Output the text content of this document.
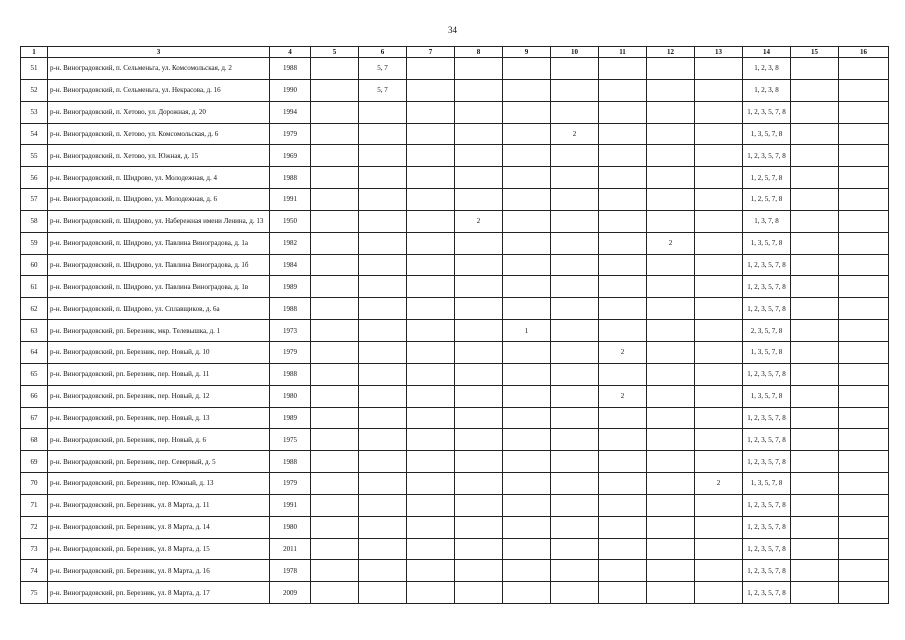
34
1	3	4	5	6	7	8	9	10	11	12	13	14	15	16
51	р-н. Виноградовский, п. Сельменьга, ул. Комсомольская, д. 2	1988		5, 7								1, 2, 3, 8		
52	р-н. Виноградовский, п. Сельменьга, ул. Некрасова, д. 16	1990		5, 7								1, 2, 3, 8		
53	р-н. Виноградовский, п. Хетово, ул. Дорожная, д. 20	1994										1, 2, 3, 5, 7, 8		
54	р-н. Виноградовский, п. Хетово, ул. Комсомольская, д. 6	1979						2				1, 3, 5, 7, 8		
55	р-н. Виноградовский, п. Хетово, ул. Южная, д. 15	1969										1, 2, 3, 5, 7, 8		
56	р-н. Виноградовский, п. Шидрово, ул. Молодежная, д. 4	1988										1, 2, 5, 7, 8		
57	р-н. Виноградовский, п. Шидрово, ул. Молодежная, д. 6	1991										1, 2, 5, 7, 8		
58	р-н. Виноградовский, п. Шидрово, ул. Набережная имени Ленина, д. 13	1950				2						1, 3, 7, 8		
59	р-н. Виноградовский, п. Шидрово, ул. Павлина Виноградова, д. 1а	1982								2		1, 3, 5, 7, 8		
60	р-н. Виноградовский, п. Шидрово, ул. Павлина Виноградова, д. 1б	1984										1, 2, 3, 5, 7, 8		
61	р-н. Виноградовский, п. Шидрово, ул. Павлина Виноградова, д. 1в	1989										1, 2, 3, 5, 7, 8		
62	р-н. Виноградовский, п. Шидрово, ул. Сплавщиков, д. 6а	1988										1, 2, 3, 5, 7, 8		
63	р-н. Виноградовский, рп. Березник, мкр. Телевышка, д. 1	1973					1					2, 3, 5, 7, 8		
64	р-н. Виноградовский, рп. Березник, пер. Новый, д. 10	1979							2			1, 3, 5, 7, 8		
65	р-н. Виноградовский, рп. Березник, пер. Новый, д. 11	1988										1, 2, 3, 5, 7, 8		
66	р-н. Виноградовский, рп. Березник, пер. Новый, д. 12	1980							2			1, 3, 5, 7, 8		
67	р-н. Виноградовский, рп. Березник, пер. Новый, д. 13	1989										1, 2, 3, 5, 7, 8		
68	р-н. Виноградовский, рп. Березник, пер. Новый, д. 6	1975										1, 2, 3, 5, 7, 8		
69	р-н. Виноградовский, рп. Березник, пер. Северный, д. 5	1988										1, 2, 3, 5, 7, 8		
70	р-н. Виноградовский, рп. Березник, пер. Южный, д. 13	1979									2	1, 3, 5, 7, 8		
71	р-н. Виноградовский, рп. Березник, ул. 8 Марта, д. 11	1991										1, 2, 3, 5, 7, 8		
72	р-н. Виноградовский, рп. Березник, ул. 8 Марта, д. 14	1980										1, 2, 3, 5, 7, 8		
73	р-н. Виноградовский, рп. Березник, ул. 8 Марта, д. 15	2011										1, 2, 3, 5, 7, 8		
74	р-н. Виноградовский, рп. Березник, ул. 8 Марта, д. 16	1978										1, 2, 3, 5, 7, 8		
75	р-н. Виноградовский, рп. Березник, ул. 8 Марта, д. 17	2009										1, 2, 3, 5, 7, 8		
